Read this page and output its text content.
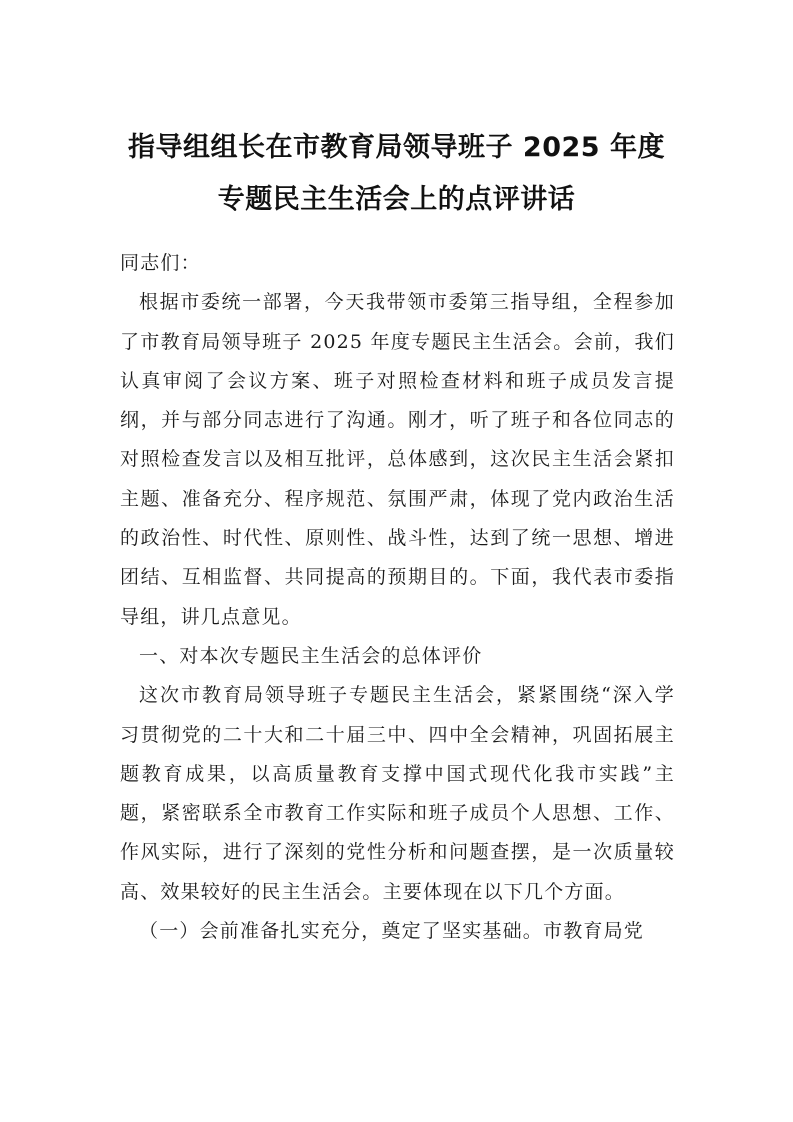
指导组组长在市教育局领导班子 2025 年度
专题民主生活会上的点评讲话

同志们：

根据市委统一部署，今天我带领市委第三指导组，全程参加了市教育局领导班子 2025 年度专题民主生活会。会前，我们认真审阅了会议方案、班子对照检查材料和班子成员发言提纲，并与部分同志进行了沟通。刚才，听了班子和各位同志的对照检查发言以及相互批评，总体感到，这次民主生活会紧扣主题、准备充分、程序规范、氛围严肃，体现了党内政治生活的政治性、时代性、原则性、战斗性，达到了统一思想、增进团结、互相监督、共同提高的预期目的。下面，我代表市委指导组，讲几点意见。

一、对本次专题民主生活会的总体评价

这次市教育局领导班子专题民主生活会，紧紧围绕“深入学习贯彻党的二十大和二十届三中、四中全会精神，巩固拓展主题教育成果，以高质量教育支撑中国式现代化我市实践”主题，紧密联系全市教育工作实际和班子成员个人思想、工作、作风实际，进行了深刻的党性分析和问题查摆，是一次质量较高、效果较好的民主生活会。主要体现在以下几个方面。

（一）会前准备扎实充分，奠定了坚实基础。市教育局党
